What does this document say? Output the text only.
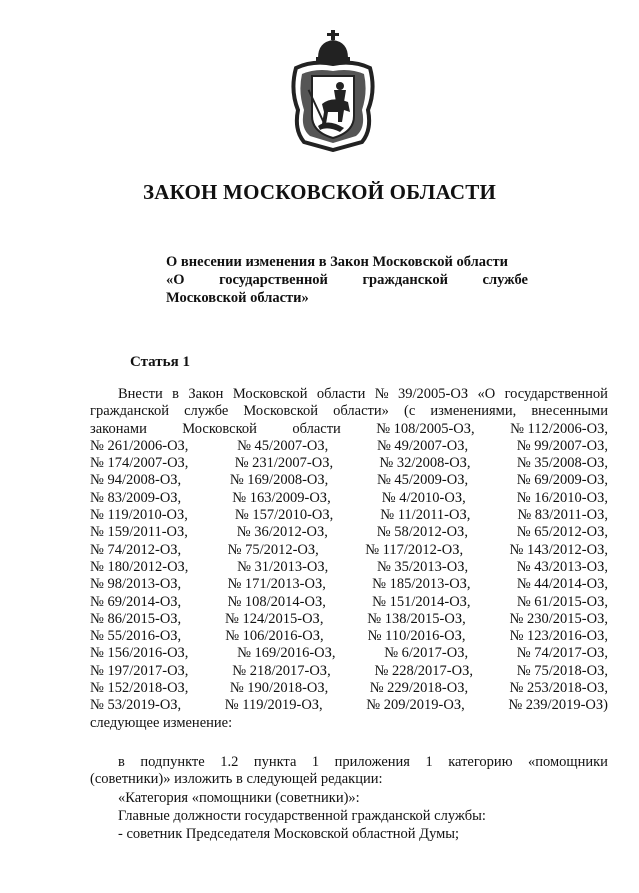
ЗАКОН МОСКОВСКОЙ ОБЛАСТИ
О внесении изменения в Закон Московской области
«О государственной гражданской службе
Московской области»
Статья 1
Внести в Закон Московской области № 39/2005-ОЗ «О государственной
гражданской службе Московской области» (с изменениями, внесенными
законами Московской области № 108/2005-ОЗ, № 112/2006-ОЗ,
№ 261/2006-ОЗ,	№ 45/2007-ОЗ,	№ 49/2007-ОЗ,	№ 99/2007-ОЗ,
№ 174/2007-ОЗ,	№ 231/2007-ОЗ,	№ 32/2008-ОЗ,	№ 35/2008-ОЗ,
№ 94/2008-ОЗ,	№ 169/2008-ОЗ,	№ 45/2009-ОЗ,	№ 69/2009-ОЗ,
№ 83/2009-ОЗ,	№ 163/2009-ОЗ,	№ 4/2010-ОЗ,	№ 16/2010-ОЗ,
№ 119/2010-ОЗ,	№ 157/2010-ОЗ,	№ 11/2011-ОЗ,	№ 83/2011-ОЗ,
№ 159/2011-ОЗ,	№ 36/2012-ОЗ,	№ 58/2012-ОЗ,	№ 65/2012-ОЗ,
№ 74/2012-ОЗ,	№ 75/2012-ОЗ,	№ 117/2012-ОЗ,	№ 143/2012-ОЗ,
№ 180/2012-ОЗ,	№ 31/2013-ОЗ,	№ 35/2013-ОЗ,	№ 43/2013-ОЗ,
№ 98/2013-ОЗ,	№ 171/2013-ОЗ,	№ 185/2013-ОЗ,	№ 44/2014-ОЗ,
№ 69/2014-ОЗ,	№ 108/2014-ОЗ,	№ 151/2014-ОЗ,	№ 61/2015-ОЗ,
№ 86/2015-ОЗ,	№ 124/2015-ОЗ,	№ 138/2015-ОЗ,	№ 230/2015-ОЗ,
№ 55/2016-ОЗ,	№ 106/2016-ОЗ,	№ 110/2016-ОЗ,	№ 123/2016-ОЗ,
№ 156/2016-ОЗ,	№ 169/2016-ОЗ,	№ 6/2017-ОЗ,	№ 74/2017-ОЗ,
№ 197/2017-ОЗ,	№ 218/2017-ОЗ,	№ 228/2017-ОЗ,	№ 75/2018-ОЗ,
№ 152/2018-ОЗ,	№ 190/2018-ОЗ,	№ 229/2018-ОЗ,	№ 253/2018-ОЗ,
№ 53/2019-ОЗ,	№ 119/2019-ОЗ,	№ 209/2019-ОЗ,	№ 239/2019-ОЗ)
следующее изменение:
в подпункте 1.2 пункта 1 приложения 1 категорию «помощники
(советники)» изложить в следующей редакции:
«Категория «помощники (советники)»:
Главные должности государственной гражданской службы:
- советник Председателя Московской областной Думы;
